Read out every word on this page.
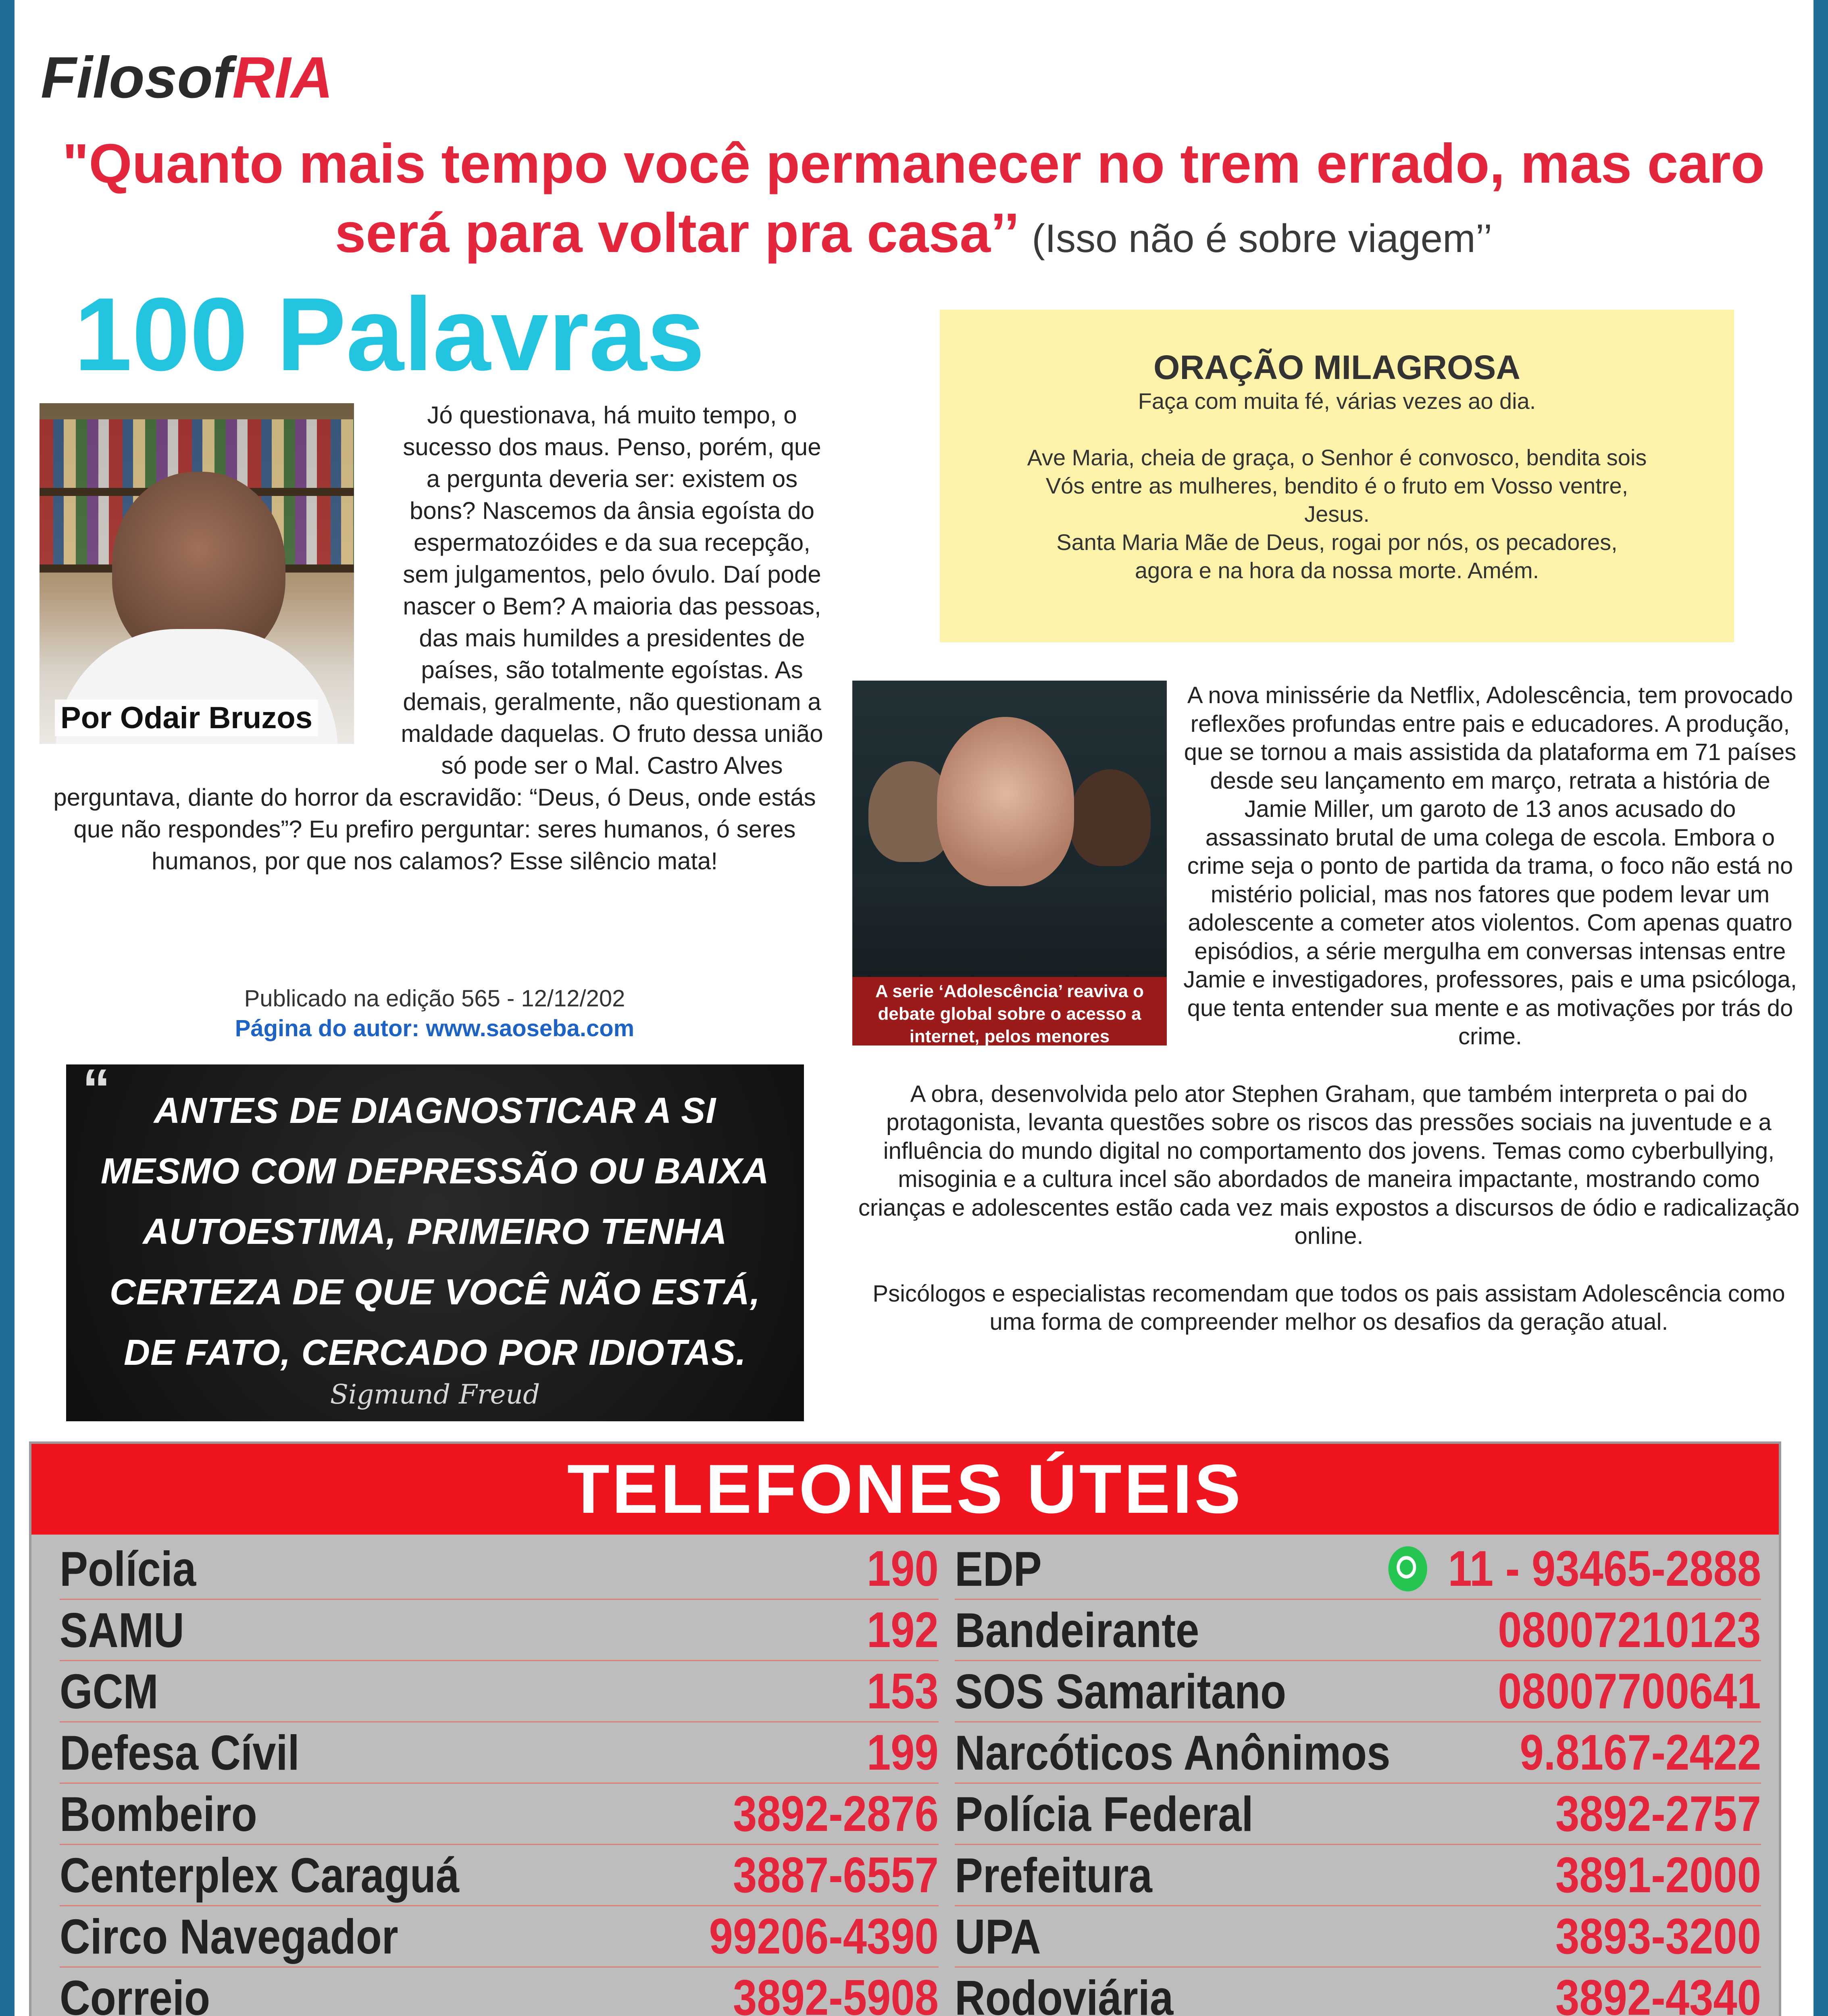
FilosofRIA
"Quanto mais tempo você permanecer no trem errado, mas caro será para voltar pra casa’’ (Isso não é sobre viagem’’
100 Palavras
Jó questionava, há muito tempo, o sucesso dos maus. Penso, porém, que a pergunta deveria ser: existem os bons? Nascemos da ânsia egoísta do espermatozóides e da sua recepção, sem julgamentos, pelo óvulo. Daí pode nascer o Bem? A maioria das pessoas, das mais humildes a presidentes de países, são totalmente egoístas. As demais, geralmente, não questionam a maldade daquelas. O fruto dessa união só pode ser o Mal. Castro Alves perguntava, diante do horror da escravidão: “Deus, ó Deus, onde estás que não respondes”? Eu prefiro perguntar: seres humanos, ó seres humanos, por que nos calamos? Esse silêncio mata!
Por Odair Bruzos
Publicado na edição 565 - 12/12/202
Página do autor: www.saoseba.com
“	ANTES DE DIAGNOSTICAR A SI MESMO COM DEPRESSÃO OU BAIXA AUTOESTIMA, PRIMEIRO TENHA CERTEZA DE QUE VOCÊ NÃO ESTÁ, DE FATO, CERCADO POR IDIOTAS.
Sigmund Freud
ORAÇÃO MILAGROSA
Faça com muita fé, várias vezes ao dia.
Ave Maria, cheia de graça, o Senhor é convosco, bendita sois Vós entre as mulheres, bendito é o fruto em Vosso ventre, Jesus.
Santa Maria Mãe de Deus, rogai por nós, os pecadores, agora e na hora da nossa morte. Amém.

A nova minissérie da Netflix, Adolescência, tem provocado reflexões profundas entre pais e educadores. A produção, que se tornou a mais assistida da plataforma em 71 países desde seu lançamento em março, retrata a história de Jamie Miller, um garoto de 13 anos acusado do assassinato brutal de uma colega de escola. Embora o crime seja o ponto de partida da trama, o foco não está no mistério policial, mas nos fatores que podem levar um adolescente a cometer atos violentos. Com apenas quatro episódios, a série mergulha em conversas intensas entre Jamie e investigadores, professores, pais e uma psicóloga, que tenta entender sua mente e as motivações por trás do crime.

A obra, desenvolvida pelo ator Stephen Graham, que também interpreta o pai do protagonista, levanta questões sobre os riscos das pressões sociais na juventude e a influência do mundo digital no comportamento dos jovens. Temas como cyberbullying, misoginia e a cultura incel são abordados de maneira impactante, mostrando como crianças e adolescentes estão cada vez mais expostos a discursos de ódio e radicalização online.

Psicólogos e especialistas recomendam que todos os pais assistam Adolescência como uma forma de compreender melhor os desafios da geração atual.

A serie ‘Adolescência’ reaviva o debate global sobre o acesso a internet, pelos menores
TELEFONES ÚTEIS
Polícia	190
SAMU	192
GCM	153
Defesa Cívil	199
Bombeiro	3892-2876
Centerplex Caraguá	3887-6557
Circo Navegador	99206-4390
Correio	3892-5908
EDP	11 - 93465-2888
Bandeirante	08007210123
SOS Samaritano	08007700641
Narcóticos Anônimos	9.8167-2422
Polícia Federal	3892-2757
Prefeitura	3891-2000
UPA	3893-3200
Rodoviária	3892-4340
